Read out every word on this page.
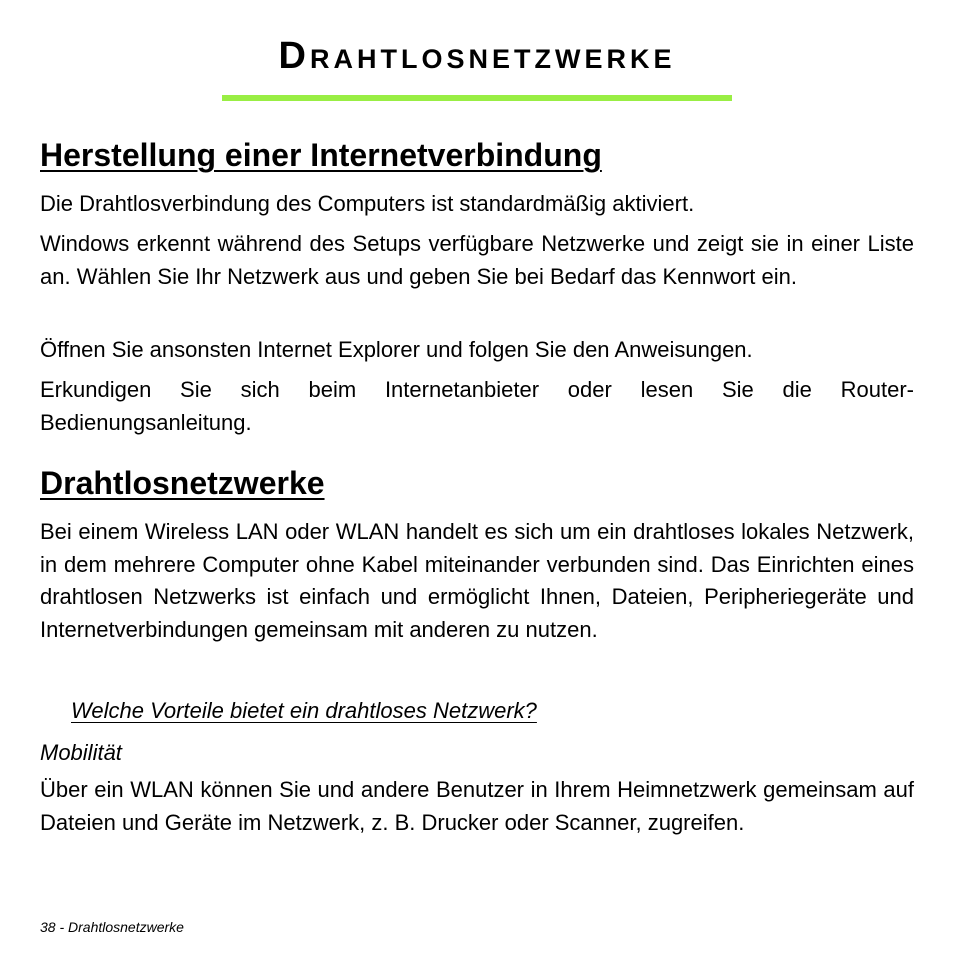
Drahtlosnetzwerke
Herstellung einer Internetverbindung

Die Drahtlosverbindung des Computers ist standardmäßig aktiviert.

Windows erkennt während des Setups verfügbare Netzwerke und zeigt sie in einer Liste an. Wählen Sie Ihr Netzwerk aus und geben Sie bei Bedarf das Kennwort ein.

Öffnen Sie ansonsten Internet Explorer und folgen Sie den Anweisungen.

Erkundigen Sie sich beim Internetanbieter oder lesen Sie die Router-Bedienungsanleitung.

Drahtlosnetzwerke

Bei einem Wireless LAN oder WLAN handelt es sich um ein drahtloses lokales Netzwerk, in dem mehrere Computer ohne Kabel miteinander verbunden sind. Das Einrichten eines drahtlosen Netzwerks ist einfach und ermöglicht Ihnen, Dateien, Peripheriegeräte und Internetverbindungen gemeinsam mit anderen zu nutzen.

Welche Vorteile bietet ein drahtloses Netzwerk?

Mobilität

Über ein WLAN können Sie und andere Benutzer in Ihrem Heimnetzwerk gemeinsam auf Dateien und Geräte im Netzwerk, z. B. Drucker oder Scanner, zugreifen.

38 - Drahtlosnetzwerke
